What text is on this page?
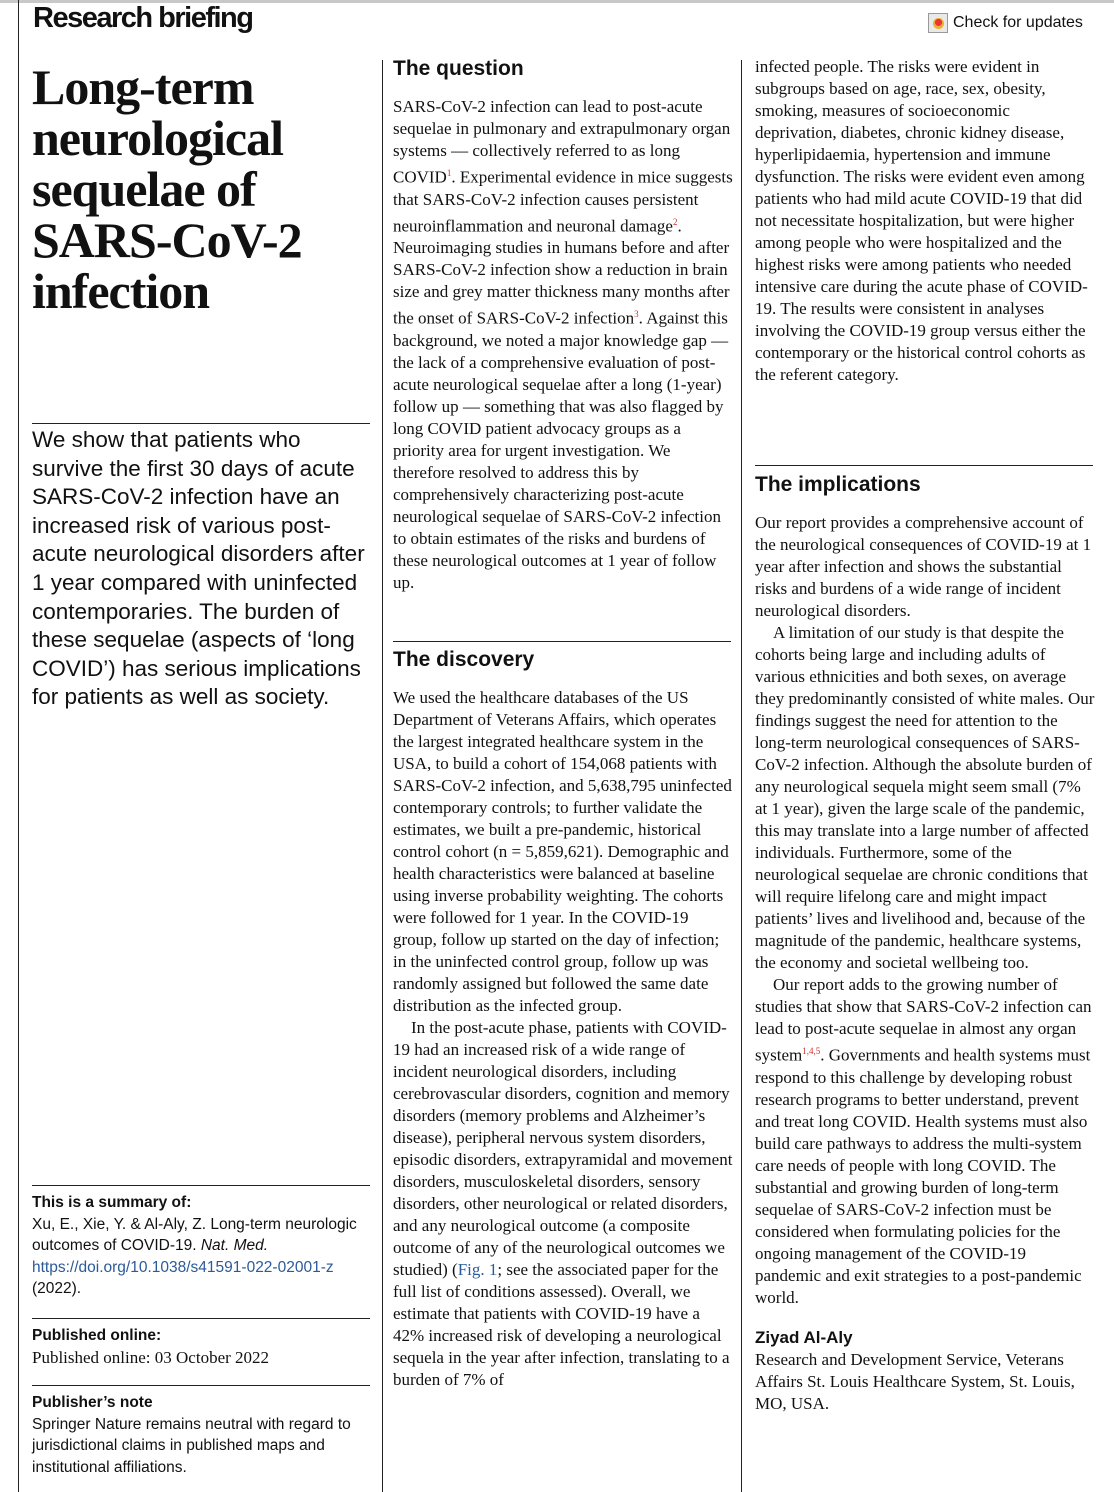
Research briefing	Check for updates
Long-term neurological sequelae of SARS-CoV-2 infection

We show that patients who survive the first 30 days of acute SARS-CoV-2 infection have an increased risk of various post-acute neurological disorders after 1 year compared with uninfected contemporaries. The burden of these sequelae (aspects of ‘long COVID’) has serious implications for patients as well as society.

This is a summary of:
Xu, E., Xie, Y. & Al-Aly, Z. Long-term neurologic outcomes of COVID-19. Nat. Med.
https://doi.org/10.1038/s41591-022-02001-z
(2022).
Published online:
Published online: 03 October 2022
Publisher’s note
Springer Nature remains neutral with regard to jurisdictional claims in published maps and institutional affiliations.
The question

SARS-CoV-2 infection can lead to post-acute sequelae in pulmonary and extrapulmonary organ systems — collectively referred to as long COVID$^1$. Experimental evidence in mice suggests that SARS-CoV-2 infection causes persistent neuroinflammation and neuronal damage$^2$. Neuroimaging studies in humans before and after SARS-CoV-2 infection show a reduction in brain size and grey matter thickness many months after the onset of SARS-CoV-2 infection$^3$. Against this background, we noted a major knowledge gap — the lack of a comprehensive evaluation of post-acute neurological sequelae after a long (1-year) follow up — something that was also flagged by long COVID patient advocacy groups as a priority area for urgent investigation. We therefore resolved to address this by comprehensively characterizing post-acute neurological sequelae of SARS-CoV-2 infection to obtain estimates of the risks and burdens of these neurological outcomes at 1 year of follow up.

The discovery

We used the healthcare databases of the US Department of Veterans Affairs, which operates the largest integrated healthcare system in the USA, to build a cohort of 154,068 patients with SARS-CoV-2 infection, and 5,638,795 uninfected contemporary controls; to further validate the estimates, we built a pre-pandemic, historical control cohort (n = 5,859,621). Demographic and health characteristics were balanced at baseline using inverse probability weighting. The cohorts were followed for 1 year. In the COVID-19 group, follow up started on the day of infection; in the uninfected control group, follow up was randomly assigned but followed the same date distribution as the infected group.

In the post-acute phase, patients with COVID-19 had an increased risk of a wide range of incident neurological disorders, including cerebrovascular disorders, cognition and memory disorders (memory problems and Alzheimer’s disease), peripheral nervous system disorders, episodic disorders, extrapyramidal and movement disorders, musculoskeletal disorders, sensory disorders, other neurological or related disorders, and any neurological outcome (a composite outcome of any of the neurological outcomes we studied) (Fig. 1; see the associated paper for the full list of conditions assessed). Overall, we estimate that patients with COVID-19 have a 42% increased risk of developing a neurological sequela in the year after infection, translating to a burden of 7% of

infected people. The risks were evident in subgroups based on age, race, sex, obesity, smoking, measures of socioeconomic deprivation, diabetes, chronic kidney disease, hyperlipidaemia, hypertension and immune dysfunction. The risks were evident even among patients who had mild acute COVID-19 that did not necessitate hospitalization, but were higher among people who were hospitalized and the highest risks were among patients who needed intensive care during the acute phase of COVID-19. The results were consistent in analyses involving the COVID-19 group versus either the contemporary or the historical control cohorts as the referent category.

The implications

Our report provides a comprehensive account of the neurological consequences of COVID-19 at 1 year after infection and shows the substantial risks and burdens of a wide range of incident neurological disorders.

A limitation of our study is that despite the cohorts being large and including adults of various ethnicities and both sexes, on average they predominantly consisted of white males. Our findings suggest the need for attention to the long-term neurological consequences of SARS-CoV-2 infection. Although the absolute burden of any neurological sequela might seem small (7% at 1 year), given the large scale of the pandemic, this may translate into a large number of affected individuals. Furthermore, some of the neurological sequelae are chronic conditions that will require lifelong care and might impact patients’ lives and livelihood and, because of the magnitude of the pandemic, healthcare systems, the economy and societal wellbeing too.

Our report adds to the growing number of studies that show that SARS-CoV-2 infection can lead to post-acute sequelae in almost any organ system$^{1,4,5}$. Governments and health systems must respond to this challenge by developing robust research programs to better understand, prevent and treat long COVID. Health systems must also build care pathways to address the multi-system care needs of people with long COVID. The substantial and growing burden of long-term sequelae of SARS-CoV-2 infection must be considered when formulating policies for the ongoing management of the COVID-19 pandemic and exit strategies to a post-pandemic world.

Ziyad Al-Aly
Research and Development Service, Veterans Affairs St. Louis Healthcare System, St. Louis, MO, USA.
